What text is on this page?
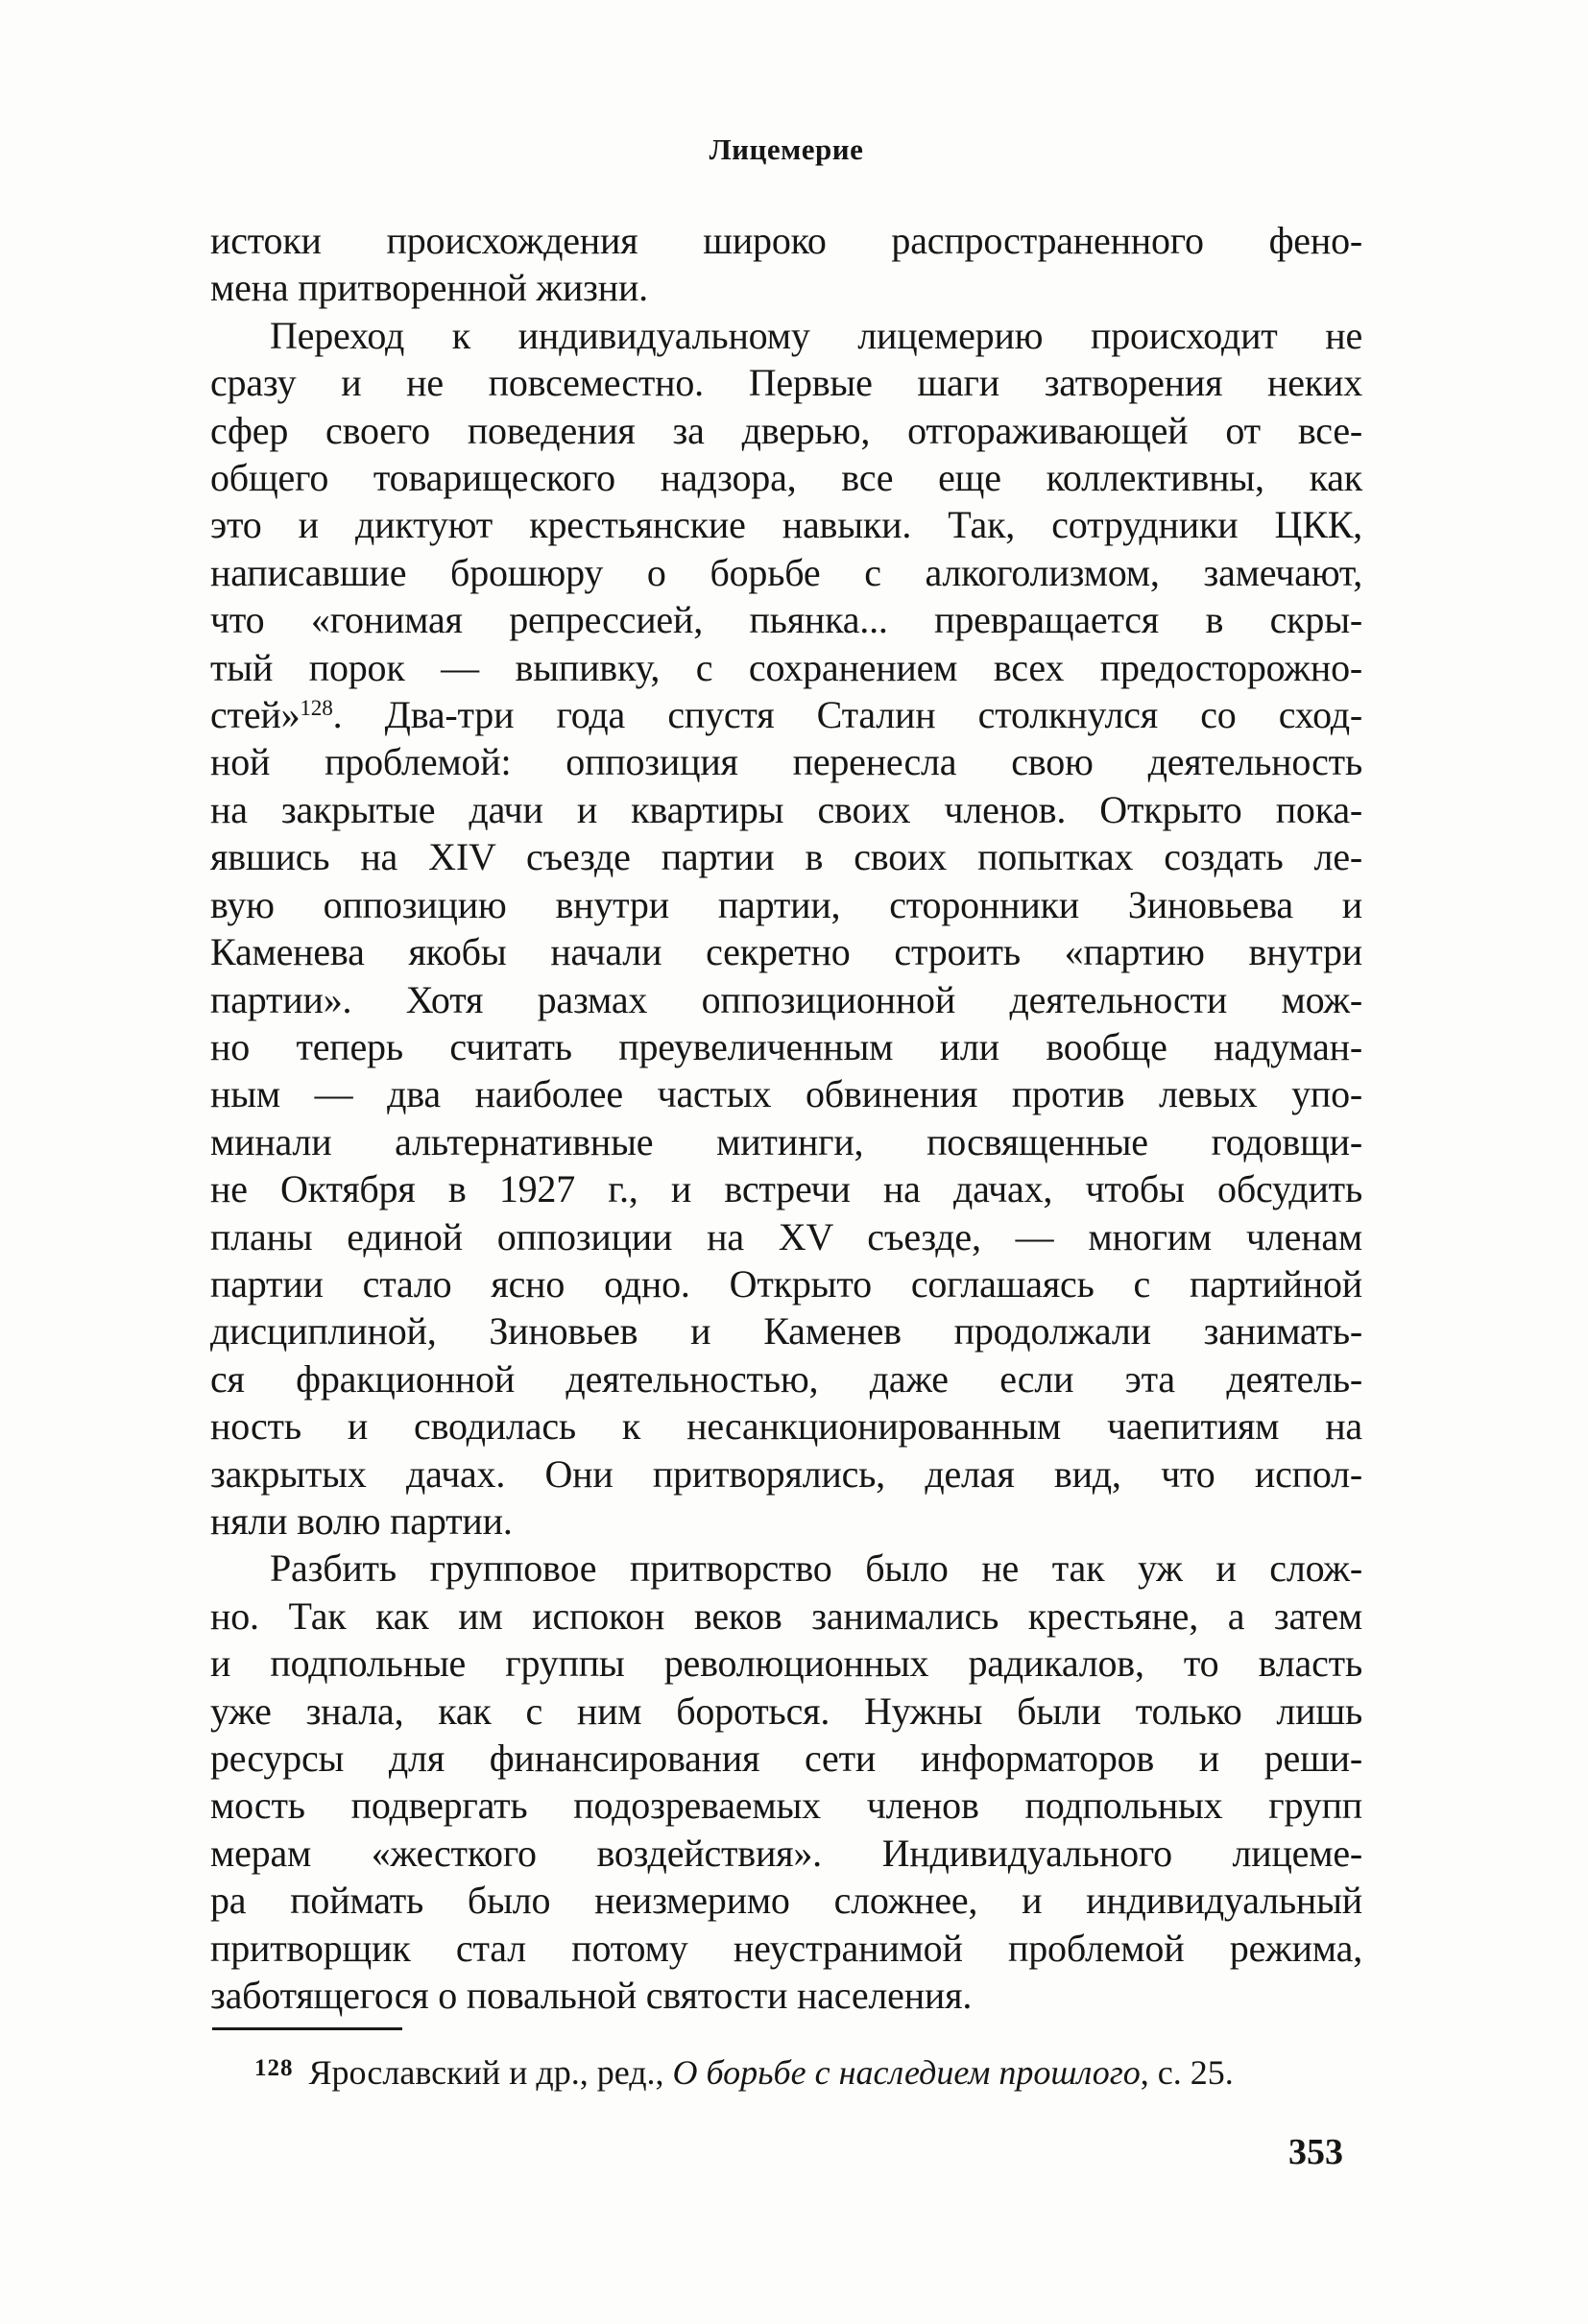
Лицемерие
истоки происхождения широко распространенного фено-
мена притворенной жизни.
Переход к индивидуальному лицемерию происходит не
сразу и не повсеместно. Первые шаги затворения неких
сфер своего поведения за дверью, отгораживающей от все-
общего товарищеского надзора, все еще коллективны, как
это и диктуют крестьянские навыки. Так, сотрудники ЦКК,
написавшие брошюру о борьбе с алкоголизмом, замечают,
что «гонимая репрессией, пьянка... превращается в скры-
тый порок — выпивку, с сохранением всех предосторожно-
стей»$^{128}$. Два-три года спустя Сталин столкнулся со сход-
ной проблемой: оппозиция перенесла свою деятельность
на закрытые дачи и квартиры своих членов. Открыто пока-
явшись на XIV съезде партии в своих попытках создать ле-
вую оппозицию внутри партии, сторонники Зиновьева и
Каменева якобы начали секретно строить «партию внутри
партии». Хотя размах оппозиционной деятельности мож-
но теперь считать преувеличенным или вообще надуман-
ным — два наиболее частых обвинения против левых упо-
минали альтернативные митинги, посвященные годовщи-
не Октября в 1927 г., и встречи на дачах, чтобы обсудить
планы единой оппозиции на XV съезде, — многим членам
партии стало ясно одно. Открыто соглашаясь с партийной
дисциплиной, Зиновьев и Каменев продолжали занимать-
ся фракционной деятельностью, даже если эта деятель-
ность и сводилась к несанкционированным чаепитиям на
закрытых дачах. Они притворялись, делая вид, что испол-
няли волю партии.
Разбить групповое притворство было не так уж и слож-
но. Так как им испокон веков занимались крестьяне, а затем
и подпольные группы революционных радикалов, то власть
уже знала, как с ним бороться. Нужны были только лишь
ресурсы для финансирования сети информаторов и реши-
мость подвергать подозреваемых членов подпольных групп
мерам «жесткого воздействия». Индивидуального лицеме-
ра поймать было неизмеримо сложнее, и индивидуальный
притворщик стал потому неустранимой проблемой режима,
заботящегося о повальной святости населения.
$^{128}$ Ярославский и др., ред., О борьбе с наследием прошлого, с. 25.
353
